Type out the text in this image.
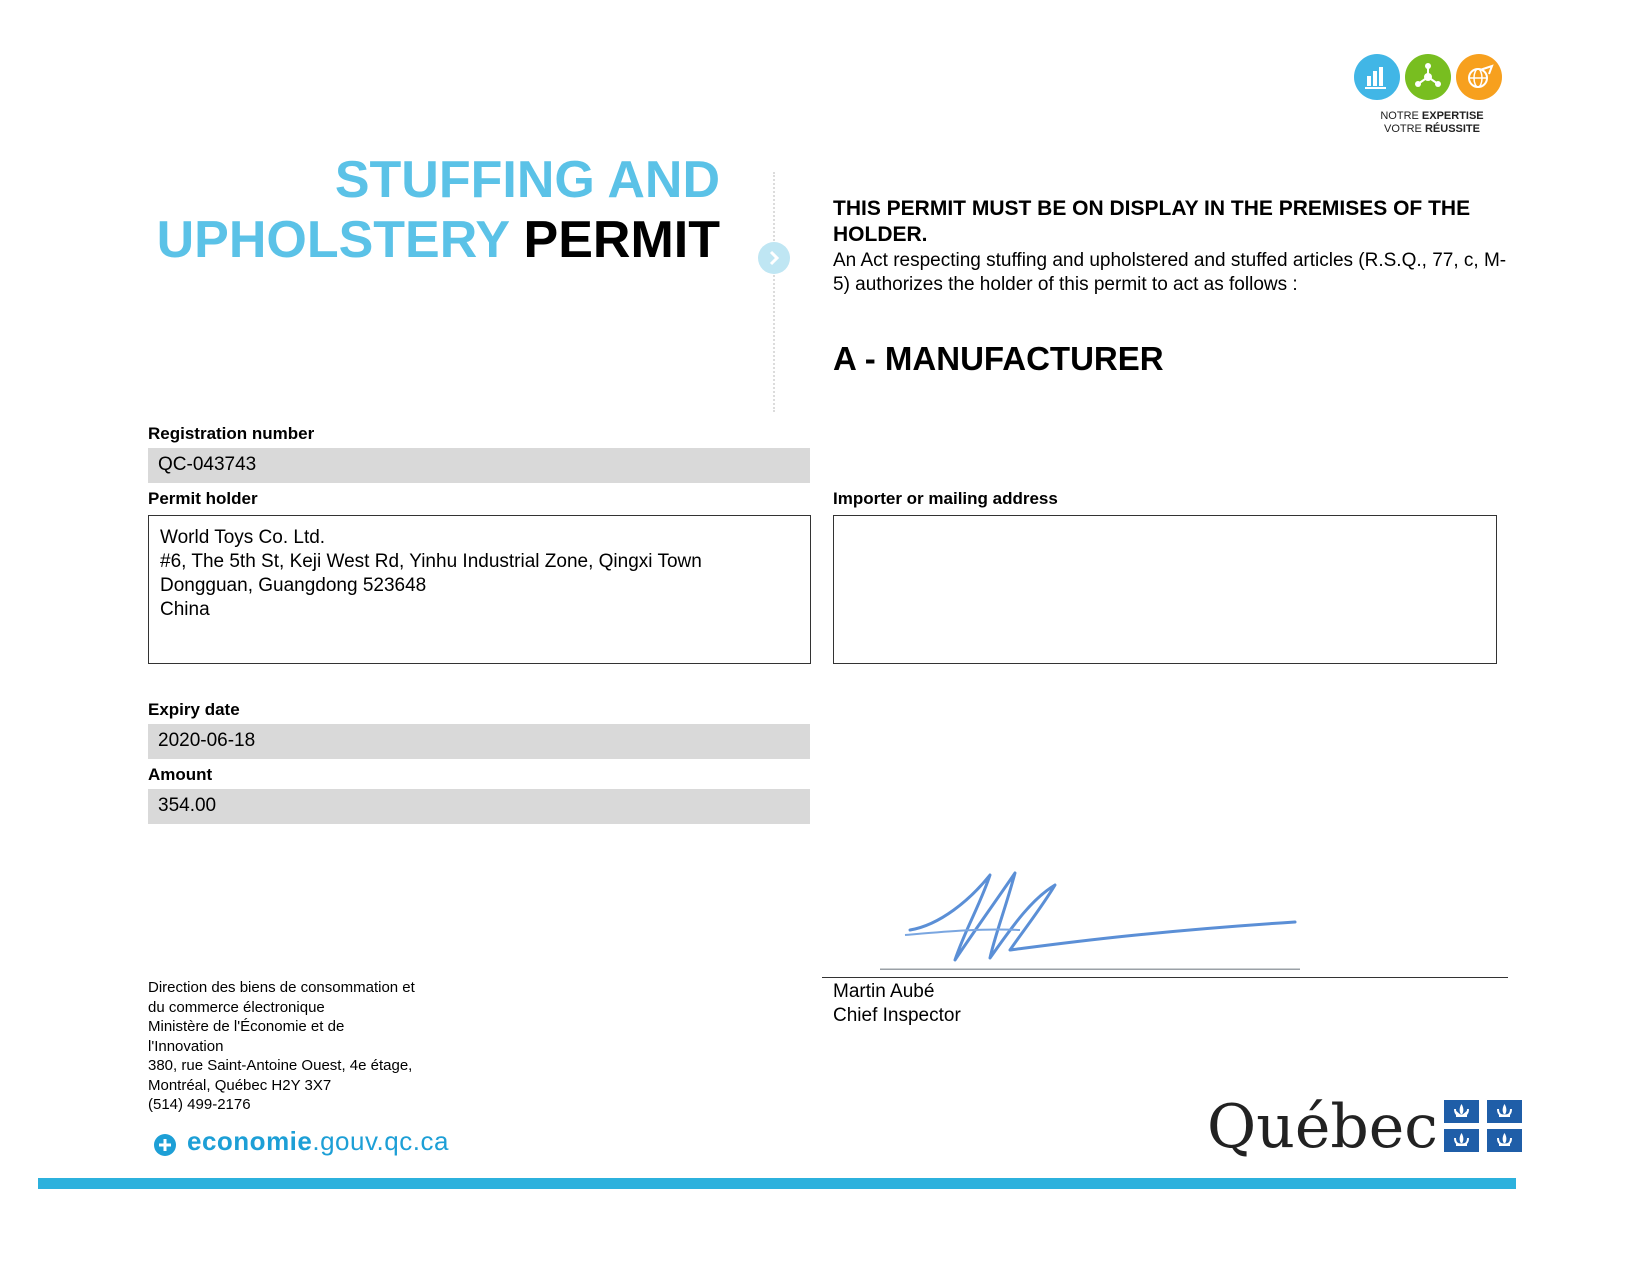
NOTRE EXPERTISE
VOTRE RÉUSSITE
STUFFING AND
UPHOLSTERY PERMIT
THIS PERMIT MUST BE ON DISPLAY IN THE PREMISES OF THE HOLDER.
An Act respecting stuffing and upholstered and stuffed articles (R.S.Q., 77, c, M-5) authorizes the holder of this permit to act as follows :
A - MANUFACTURER
Registration number
QC-043743
Permit holder
World Toys Co. Ltd.
#6, The 5th St, Keji West Rd, Yinhu Industrial Zone, Qingxi Town
Dongguan, Guangdong 523648
China
Importer or mailing address
Expiry date
2020-06-18
Amount
354.00
Martin Aubé
Chief Inspector
Direction des biens de consommation et
du commerce électronique
Ministère de l'Économie et de
l'Innovation
380, rue Saint-Antoine Ouest, 4e étage,
Montréal, Québec H2Y 3X7
(514) 499-2176
economie.gouv.qc.ca	Québec
